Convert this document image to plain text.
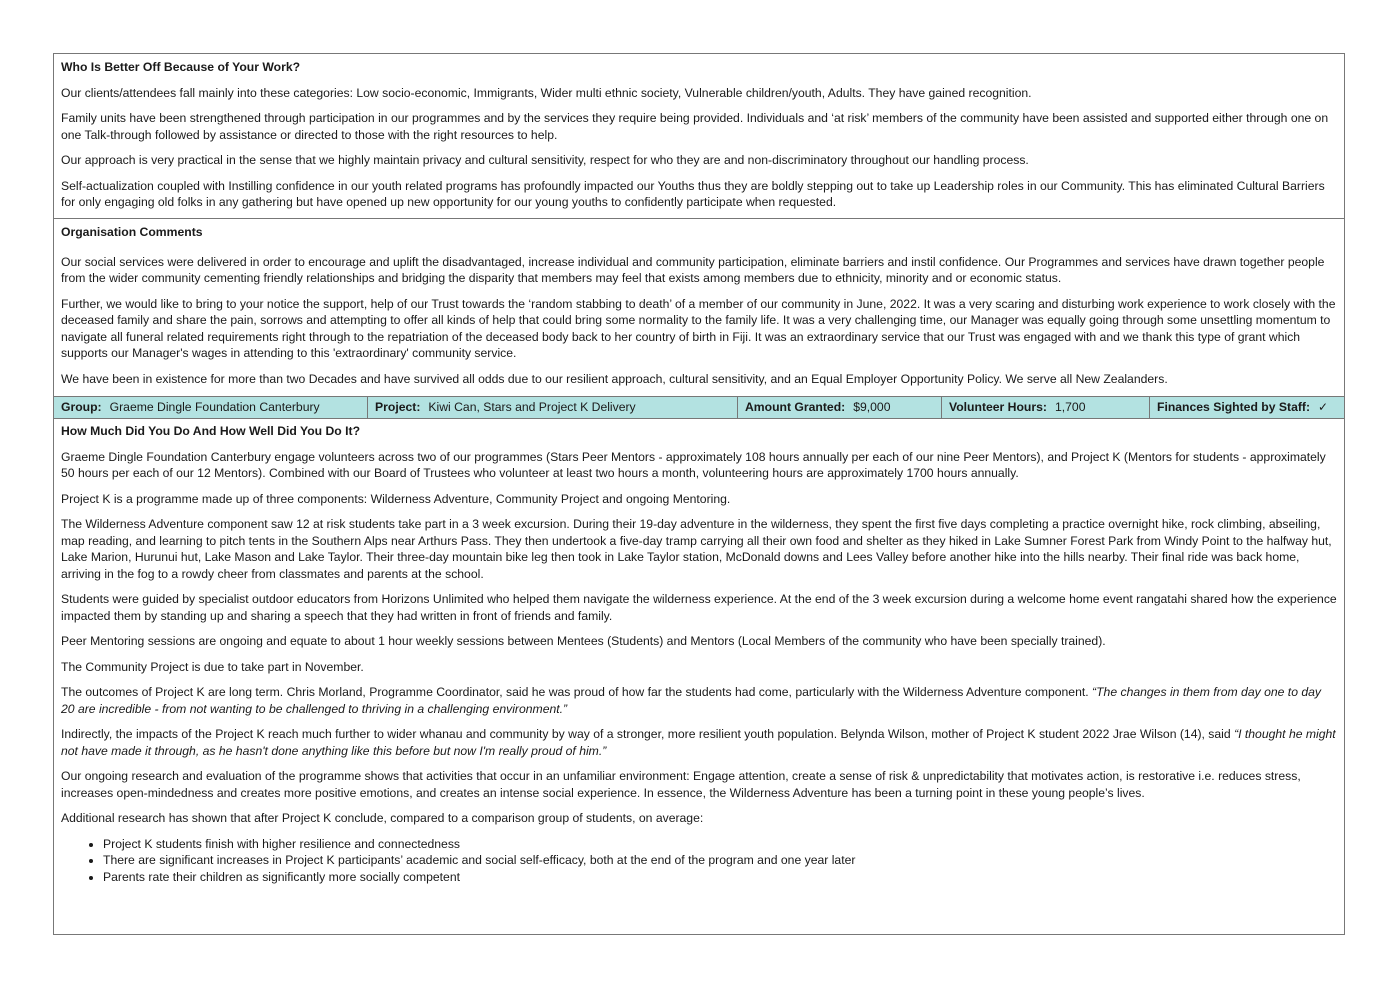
Who Is Better Off Because of Your Work?

Our clients/attendees fall mainly into these categories: Low socio-economic, Immigrants, Wider multi ethnic society, Vulnerable children/youth, Adults. They have gained recognition.

Family units have been strengthened through participation in our programmes and by the services they require being provided. Individuals and ‘at risk’ members of the community have been assisted and supported either through one on one Talk-through followed by assistance or directed to those with the right resources to help.

Our approach is very practical in the sense that we highly maintain privacy and cultural sensitivity, respect for who they are and non-discriminatory throughout our handling process.

Self-actualization coupled with Instilling confidence in our youth related programs has profoundly impacted our Youths thus they are boldly stepping out to take up Leadership roles in our Community. This has eliminated Cultural Barriers for only engaging old folks in any gathering but have opened up new opportunity for our young youths to confidently participate when requested.

Organisation Comments

Our social services were delivered in order to encourage and uplift the disadvantaged, increase individual and community participation, eliminate barriers and instil confidence. Our Programmes and services have drawn together people from the wider community cementing friendly relationships and bridging the disparity that members may feel that exists among members due to ethnicity, minority and or economic status.

Further, we would like to bring to your notice the support, help of our Trust towards the ‘random stabbing to death’ of a member of our community in June, 2022. It was a very scaring and disturbing work experience to work closely with the deceased family and share the pain, sorrows and attempting to offer all kinds of help that could bring some normality to the family life. It was a very challenging time, our Manager was equally going through some unsettling momentum to navigate all funeral related requirements right through to the repatriation of the deceased body back to her country of birth in Fiji. It was an extraordinary service that our Trust was engaged with and we thank this type of grant which supports our Manager's wages in attending to this 'extraordinary' community service.

We have been in existence for more than two Decades and have survived all odds due to our resilient approach, cultural sensitivity, and an Equal Employer Opportunity Policy. We serve all New Zealanders.

Group: Graeme Dingle Foundation Canterbury	Project: Kiwi Can, Stars and Project K Delivery	Amount Granted: $9,000	Volunteer Hours: 1,700	Finances Sighted by Staff: ✓
How Much Did You Do And How Well Did You Do It?

Graeme Dingle Foundation Canterbury engage volunteers across two of our programmes (Stars Peer Mentors - approximately 108 hours annually per each of our nine Peer Mentors), and Project K (Mentors for students - approximately 50 hours per each of our 12 Mentors). Combined with our Board of Trustees who volunteer at least two hours a month, volunteering hours are approximately 1700 hours annually.

Project K is a programme made up of three components: Wilderness Adventure, Community Project and ongoing Mentoring.

The Wilderness Adventure component saw 12 at risk students take part in a 3 week excursion. During their 19-day adventure in the wilderness, they spent the first five days completing a practice overnight hike, rock climbing, abseiling, map reading, and learning to pitch tents in the Southern Alps near Arthurs Pass. They then undertook a five-day tramp carrying all their own food and shelter as they hiked in Lake Sumner Forest Park from Windy Point to the halfway hut, Lake Marion, Hurunui hut, Lake Mason and Lake Taylor. Their three-day mountain bike leg then took in Lake Taylor station, McDonald downs and Lees Valley before another hike into the hills nearby. Their final ride was back home, arriving in the fog to a rowdy cheer from classmates and parents at the school.

Students were guided by specialist outdoor educators from Horizons Unlimited who helped them navigate the wilderness experience. At the end of the 3 week excursion during a welcome home event rangatahi shared how the experience impacted them by standing up and sharing a speech that they had written in front of friends and family.

Peer Mentoring sessions are ongoing and equate to about 1 hour weekly sessions between Mentees (Students) and Mentors (Local Members of the community who have been specially trained).

The Community Project is due to take part in November.

The outcomes of Project K are long term. Chris Morland, Programme Coordinator, said he was proud of how far the students had come, particularly with the Wilderness Adventure component. “The changes in them from day one to day 20 are incredible - from not wanting to be challenged to thriving in a challenging environment.”

Indirectly, the impacts of the Project K reach much further to wider whanau and community by way of a stronger, more resilient youth population. Belynda Wilson, mother of Project K student 2022 Jrae Wilson (14), said “I thought he might not have made it through, as he hasn't done anything like this before but now I'm really proud of him.”

Our ongoing research and evaluation of the programme shows that activities that occur in an unfamiliar environment: Engage attention, create a sense of risk & unpredictability that motivates action, is restorative i.e. reduces stress, increases open-mindedness and creates more positive emotions, and creates an intense social experience. In essence, the Wilderness Adventure has been a turning point in these young people’s lives.

Additional research has shown that after Project K conclude, compared to a comparison group of students, on average:

• Project K students finish with higher resilience and connectedness
• There are significant increases in Project K participants’ academic and social self-efficacy, both at the end of the program and one year later
• Parents rate their children as significantly more socially competent
